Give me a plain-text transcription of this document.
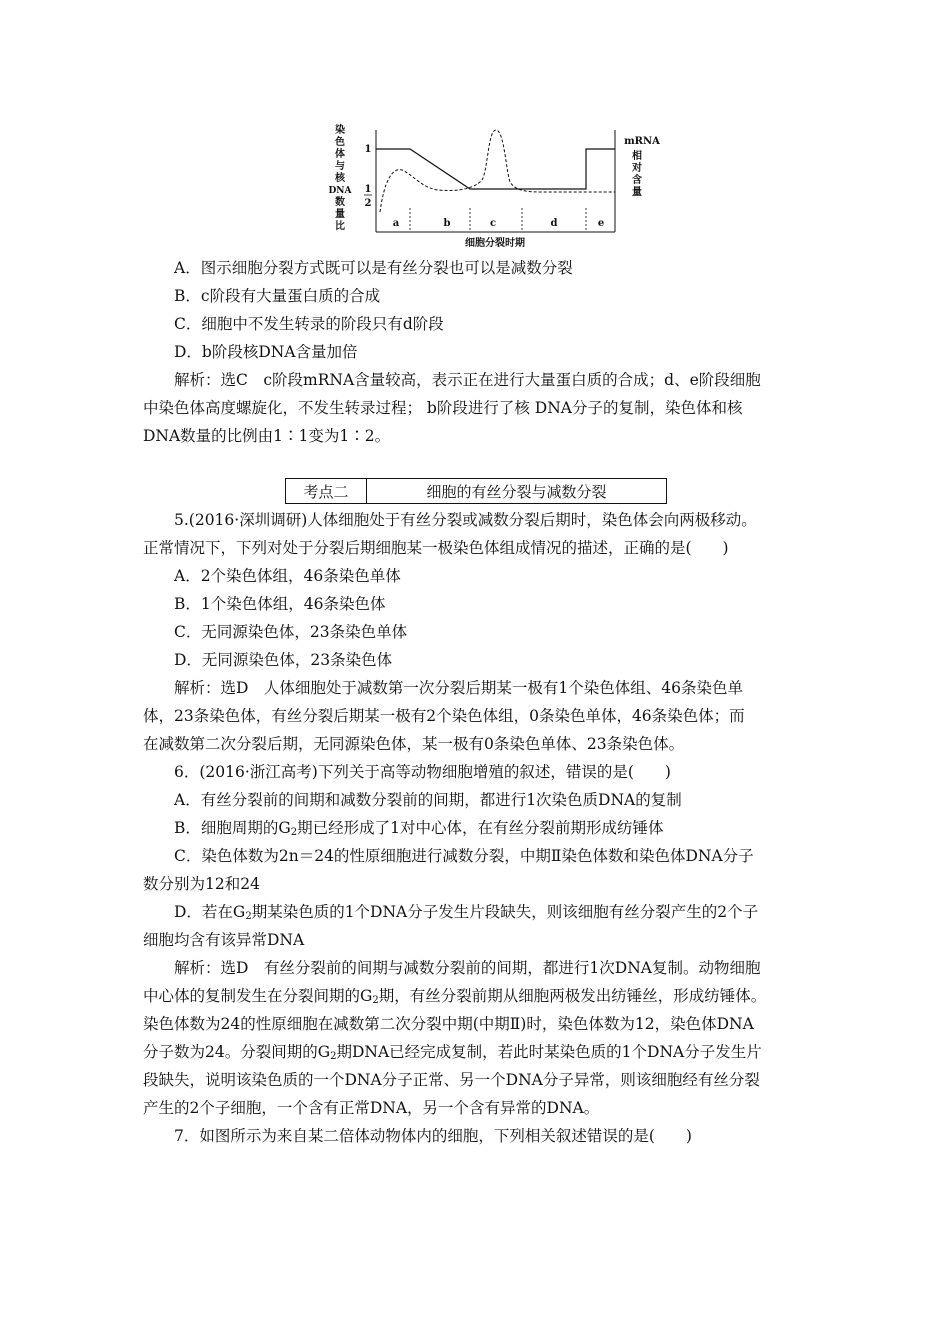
染
色
体
与
核
DNA
数
量
比
1
1
2
a	b	c	d	e
细胞分裂时期
mRNA
相
对
含
量
A．图示细胞分裂方式既可以是有丝分裂也可以是减数分裂
B．c阶段有大量蛋白质的合成
C．细胞中不发生转录的阶段只有d阶段
D．b阶段核DNA含量加倍
解析：选C　c阶段mRNA含量较高，表示正在进行大量蛋白质的合成；d、e阶段细胞
中染色体高度螺旋化，不发生转录过程； b阶段进行了核 DNA分子的复制，染色体和核
DNA数量的比例由1∶1变为1∶2。
考点二	细胞的有丝分裂与减数分裂
5.(2016·深圳调研)人体细胞处于有丝分裂或减数分裂后期时，染色体会向两极移动。
正常情况下，下列对处于分裂后期细胞某一极染色体组成情况的描述，正确的是(　　)
A．2个染色体组，46条染色单体
B．1个染色体组，46条染色体
C．无同源染色体，23条染色单体
D．无同源染色体，23条染色体
解析：选D　人体细胞处于减数第一次分裂后期某一极有1个染色体组、46条染色单
体，23条染色体，有丝分裂后期某一极有2个染色体组，0条染色单体，46条染色体；而
在减数第二次分裂后期，无同源染色体，某一极有0条染色单体、23条染色体。
6．(2016·浙江高考)下列关于高等动物细胞增殖的叙述，错误的是(　　)
A．有丝分裂前的间期和减数分裂前的间期，都进行1次染色质DNA的复制
B．细胞周期的$G_2$期已经形成了1对中心体，在有丝分裂前期形成纺锤体
C．染色体数为2n＝24的性原细胞进行减数分裂，中期Ⅱ染色体数和染色体DNA分子
数分别为12和24
D．若在$G_2$期某染色质的1个DNA分子发生片段缺失，则该细胞有丝分裂产生的2个子
细胞均含有该异常DNA
解析：选D　有丝分裂前的间期与减数分裂前的间期，都进行1次DNA复制。动物细胞
中心体的复制发生在分裂间期的$G_2$期，有丝分裂前期从细胞两极发出纺锤丝，形成纺锤体。
染色体数为24的性原细胞在减数第二次分裂中期(中期Ⅱ)时，染色体数为12，染色体DNA
分子数为24。分裂间期的$G_2$期DNA已经完成复制，若此时某染色质的1个DNA分子发生片
段缺失，说明该染色质的一个DNA分子正常、另一个DNA分子异常，则该细胞经有丝分裂
产生的2个子细胞，一个含有正常DNA，另一个含有异常的DNA。
7．如图所示为来自某二倍体动物体内的细胞，下列相关叙述错误的是(　　)
